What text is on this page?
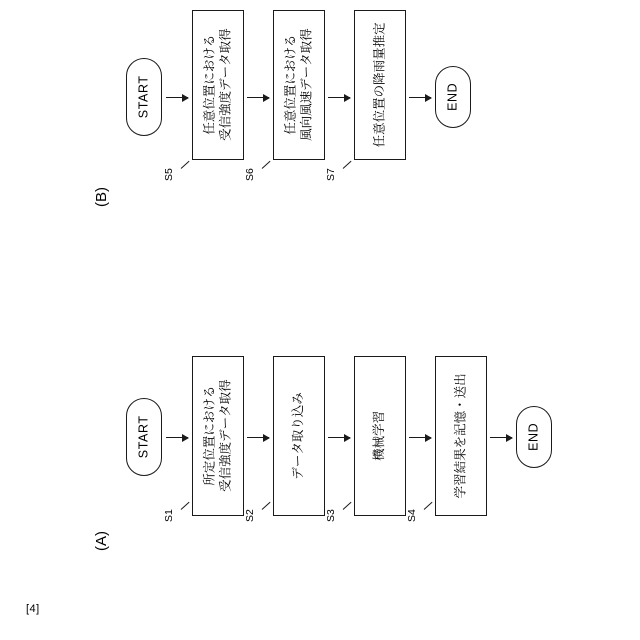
[4]
(A)
START	所定位置における
受信強度データ取得
S1
データ取り込み
S2
機械学習
S3
学習結果を記憶・送出
S4
END
(B)
START	任意位置における
受信強度データ取得
S5
任意位置における
風向風速データ取得
S6
任意位置の降雨量推定
S7
END
